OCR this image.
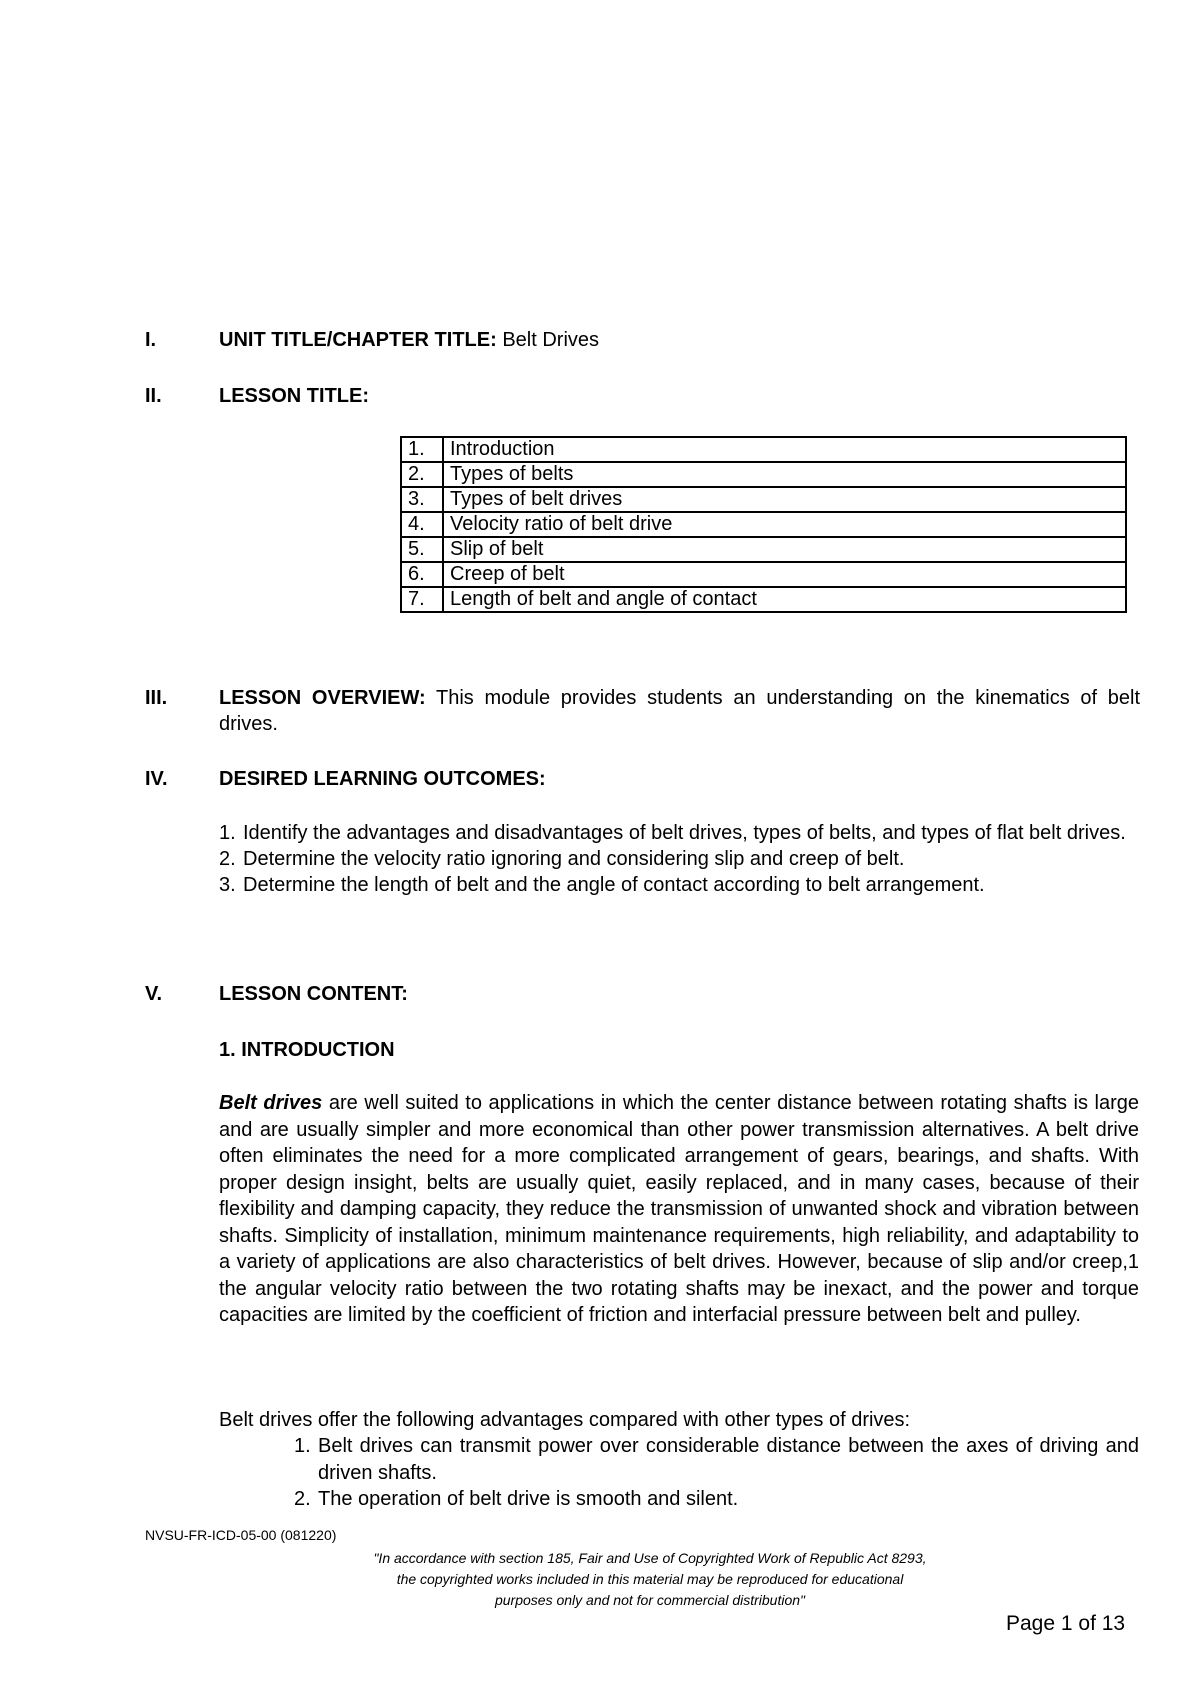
I.	UNIT TITLE/CHAPTER TITLE: Belt Drives
II.	LESSON TITLE:
1.	Introduction
2.	Types of belts
3.	Types of belt drives
4.	Velocity ratio of belt drive
5.	Slip of belt
6.	Creep of belt
7.	Length of belt and angle of contact
III.	LESSON OVERVIEW: This module provides students an understanding on the kinematics of belt drives.
IV.	DESIRED LEARNING OUTCOMES:
1. Identify the advantages and disadvantages of belt drives, types of belts, and types of flat belt drives.
2. Determine the velocity ratio ignoring and considering slip and creep of belt.
3. Determine the length of belt and the angle of contact according to belt arrangement.
V.	LESSON CONTENT:
1. INTRODUCTION
Belt drives are well suited to applications in which the center distance between rotating shafts is large and are usually simpler and more economical than other power transmission alternatives. A belt drive often eliminates the need for a more complicated arrangement of gears, bearings, and shafts. With proper design insight, belts are usually quiet, easily replaced, and in many cases, because of their flexibility and damping capacity, they reduce the transmission of unwanted shock and vibration between shafts. Simplicity of installation, minimum maintenance requirements, high reliability, and adaptability to a variety of applications are also characteristics of belt drives. However, because of slip and/or creep,1 the angular velocity ratio between the two rotating shafts may be inexact, and the power and torque capacities are limited by the coefficient of friction and interfacial pressure between belt and pulley.
Belt drives offer the following advantages compared with other types of drives:
1. Belt drives can transmit power over considerable distance between the axes of driving and driven shafts.
2. The operation of belt drive is smooth and silent.
NVSU-FR-ICD-05-00 (081220)
"In accordance with section 185, Fair and Use of Copyrighted Work of Republic Act 8293,
the copyrighted works included in this material may be reproduced for educational
purposes only and not for commercial distribution"
Page 1 of 13
